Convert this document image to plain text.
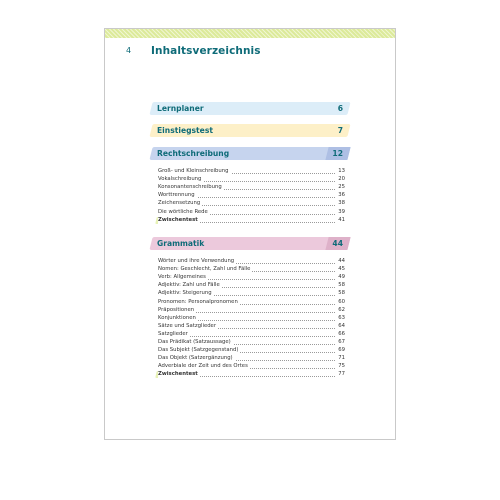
4 Inhaltsverzeichnis
Lernplaner	6
Einstiegstest	7
Rechtschreibung	12
Groß- und Kleinschreibung	13
Vokalschreibung	20
Konsonantenschreibung	25
Worttrennung	36
Zeichensetzung	38
Die wörtliche Rede	39
Zwischentest	41
Grammatik	44
Wörter und ihre Verwendung	44
Nomen: Geschlecht, Zahl und Fälle	45
Verb: Allgemeines	49
Adjektiv: Zahl und Fälle	58
Adjektiv: Steigerung	58
Pronomen: Personalpronomen	60
Präpositionen	62
Konjunktionen	63
Sätze und Satzglieder	64
Satzglieder	66
Das Prädikat (Satzaussage)	67
Das Subjekt (Satzgegenstand)	69
Das Objekt (Satzergänzung)	71
Adverbiale der Zeit und des Ortes	75
Zwischentest	77
